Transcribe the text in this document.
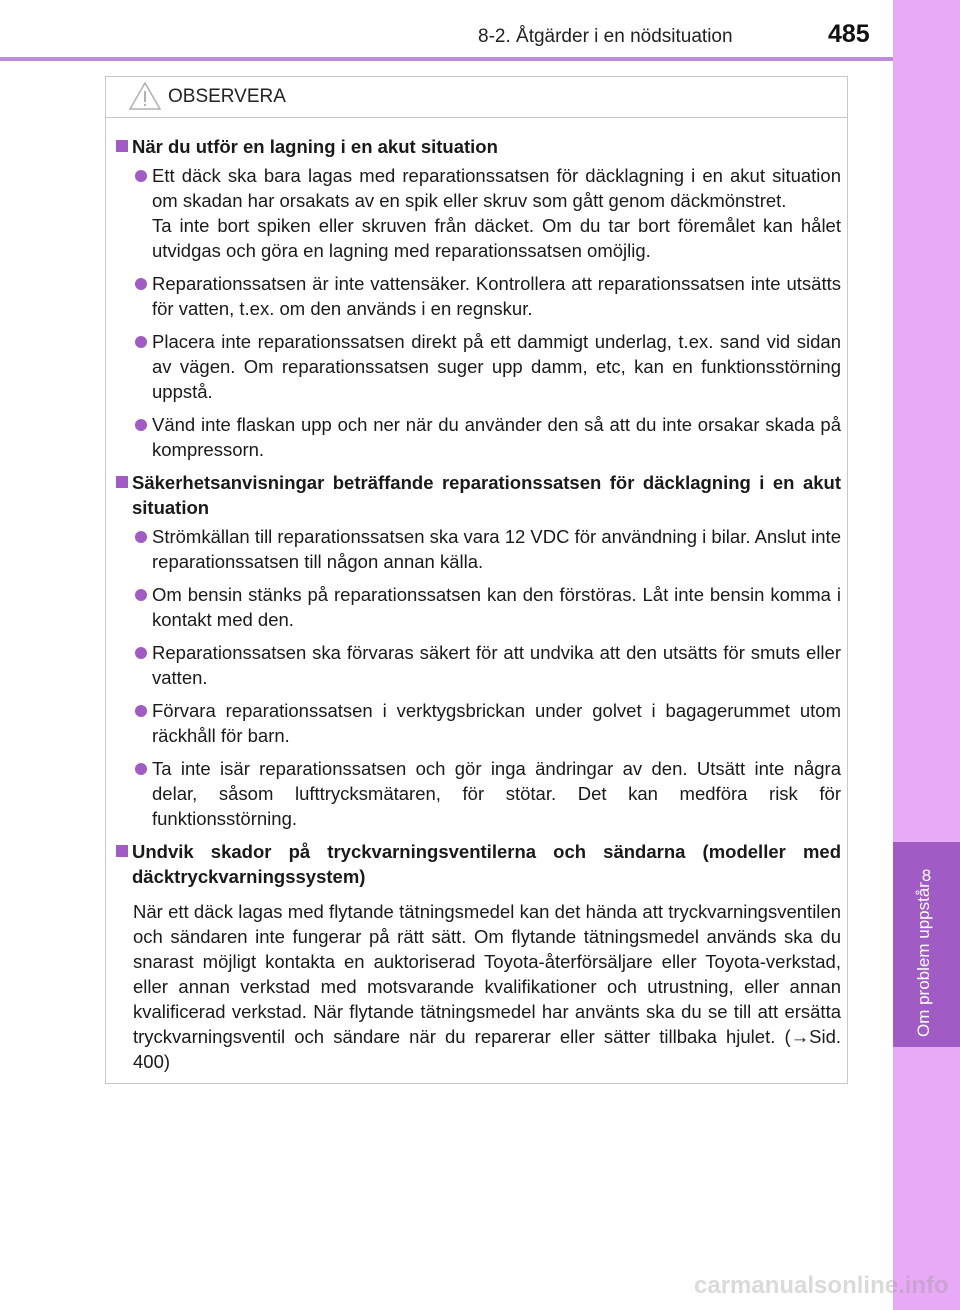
8-2. Åtgärder i en nödsituation	485
8
Om problem uppstår
OBSERVERA
När du utför en lagning i en akut situation
Ett däck ska bara lagas med reparationssatsen för däcklagning i en akut situation om skadan har orsakats av en spik eller skruv som gått genom däckmönstret.
Ta inte bort spiken eller skruven från däcket. Om du tar bort föremålet kan hålet utvidgas och göra en lagning med reparationssatsen omöjlig.
Reparationssatsen är inte vattensäker. Kontrollera att reparationssatsen inte utsätts för vatten, t.ex. om den används i en regnskur.
Placera inte reparationssatsen direkt på ett dammigt underlag, t.ex. sand vid sidan av vägen. Om reparationssatsen suger upp damm, etc, kan en funktionsstörning uppstå.
Vänd inte flaskan upp och ner när du använder den så att du inte orsakar skada på kompressorn.
Säkerhetsanvisningar beträffande reparationssatsen för däcklagning i en akut situation
Strömkällan till reparationssatsen ska vara 12 VDC för användning i bilar. Anslut inte reparationssatsen till någon annan källa.
Om bensin stänks på reparationssatsen kan den förstöras. Låt inte bensin komma i kontakt med den.
Reparationssatsen ska förvaras säkert för att undvika att den utsätts för smuts eller vatten.
Förvara reparationssatsen i verktygsbrickan under golvet i bagagerummet utom räckhåll för barn.
Ta inte isär reparationssatsen och gör inga ändringar av den. Utsätt inte några delar, såsom lufttrycksmätaren, för stötar. Det kan medföra risk för funktionsstörning.
Undvik skador på tryckvarningsventilerna och sändarna (modeller med däcktryckvarningssystem)
När ett däck lagas med flytande tätningsmedel kan det hända att tryckvarningsventilen och sändaren inte fungerar på rätt sätt. Om flytande tätningsmedel används ska du snarast möjligt kontakta en auktoriserad Toyota-återförsäljare eller Toyota-verkstad, eller annan verkstad med motsvarande kvalifikationer och utrustning, eller annan kvalificerad verkstad. När flytande tätningsmedel har använts ska du se till att ersätta tryckvarningsventil och sändare när du reparerar eller sätter tillbaka hjulet. (→Sid. 400)
carmanualsonline.info
